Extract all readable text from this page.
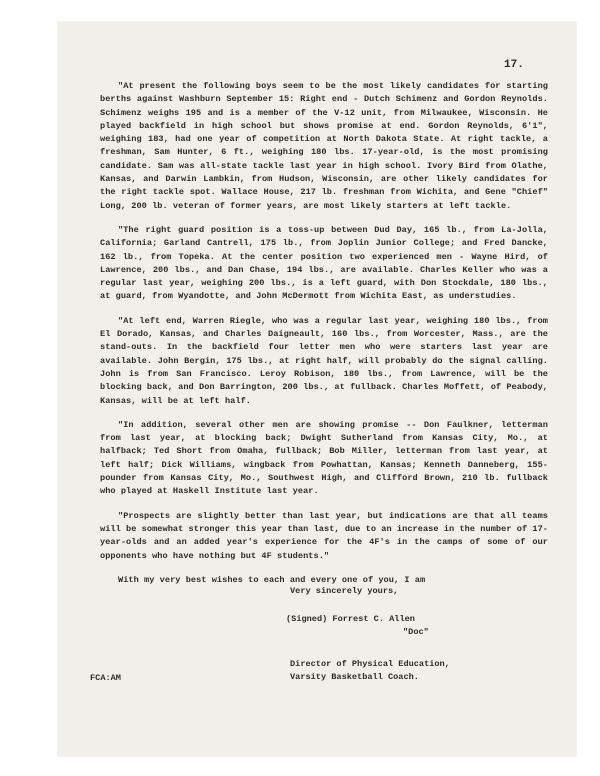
17.

"At present the following boys seem to be the most likely candidates for starting berths against Washburn September 15: Right end - Dutch Schimenz and Gordon Reynolds. Schimenz weighs 195 and is a member of the V-12 unit, from Milwaukee, Wisconsin. He played backfield in high school but shows promise at end. Gordon Reynolds, 6'1", weighing 183, had one year of competition at North Dakota State. At right tackle, a freshman, Sam Hunter, 6 ft., weighing 180 lbs. 17-year-old, is the most promising candidate. Sam was all-state tackle last year in high school. Ivory Bird from Olathe, Kansas, and Darwin Lambkin, from Hudson, Wisconsin, are other likely candidates for the right tackle spot. Wallace House, 217 lb. freshman from Wichita, and Gene "Chief" Long, 200 lb. veteran of former years, are most likely starters at left tackle.

"The right guard position is a toss-up between Dud Day, 165 lb., from La-Jolla, California; Garland Cantrell, 175 lb., from Joplin Junior College; and Fred Dancke, 162 lb., from Topeka. At the center position two experienced men - Wayne Hird, of Lawrence, 200 lbs., and Dan Chase, 194 lbs., are available. Charles Keller who was a regular last year, weighing 200 lbs., is a left guard, with Don Stockdale, 180 lbs., at guard, from Wyandotte, and John McDermott from Wichita East, as understudies.

"At left end, Warren Riegle, who was a regular last year, weighing 180 lbs., from El Dorado, Kansas, and Charles Daigneault, 160 lbs., from Worcester, Mass., are the stand-outs. In the backfield four letter men who were starters last year are available. John Bergin, 175 lbs., at right half, will probably do the signal calling. John is from San Francisco. Leroy Robison, 180 lbs., from Lawrence, will be the blocking back, and Don Barrington, 200 lbs., at fullback. Charles Moffett, of Peabody, Kansas, will be at left half.

"In addition, several other men are showing promise -- Don Faulkner, letterman from last year, at blocking back; Dwight Sutherland from Kansas City, Mo., at halfback; Ted Short from Omaha, fullback; Bob Miller, letterman from last year, at left half; Dick Williams, wingback from Powhattan, Kansas; Kenneth Danneberg, 155-pounder from Kansas City, Mo., Southwest High, and Clifford Brown, 210 lb. fullback who played at Haskell Institute last year.

"Prospects are slightly better than last year, but indications are that all teams will be somewhat stronger this year than last, due to an increase in the number of 17-year-olds and an added year's experience for the 4F's in the camps of some of our opponents who have nothing but 4F students."

With my very best wishes to each and every one of you, I am

Very sincerely yours,
(Signed) Forrest C. Allen
"Doc"
Director of Physical Education,
Varsity Basketball Coach.
FCA:AM
